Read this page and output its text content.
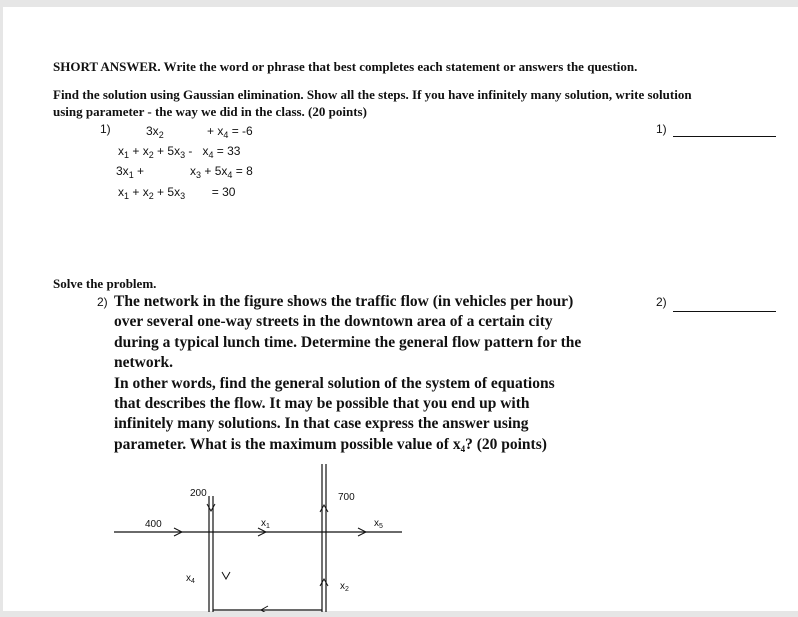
SHORT ANSWER. Write the word or phrase that best completes each statement or answers the question.
Find the solution using Gaussian elimination. Show all the steps. If you have infinitely many solution, write solution
using parameter - the way we did in the class. (20 points)
1)	$3x_2$	+ $x_4 = -6$
$x_1 + x_2 + 5x_3 - x_4 = 33$
$3x_1$ +	$x_3 + 5x_4 = 8$
$x_1 + x_2 + 5x_3$        = 30
1)
Solve the problem.
2) The network in the figure shows the traffic flow (in vehicles per hour)
over several one-way streets in the downtown area of a certain city
during a typical lunch time. Determine the general flow pattern for the
network.
In other words, find the general solution of the system of equations
that describes the flow. It may be possible that you end up with
infinitely many solutions. In that case express the answer using
parameter. What is the maximum possible value of $x_4$? (20 points)
2)
200	700
400	$x_1$	$x_5$
$x_4$	$x_2$
